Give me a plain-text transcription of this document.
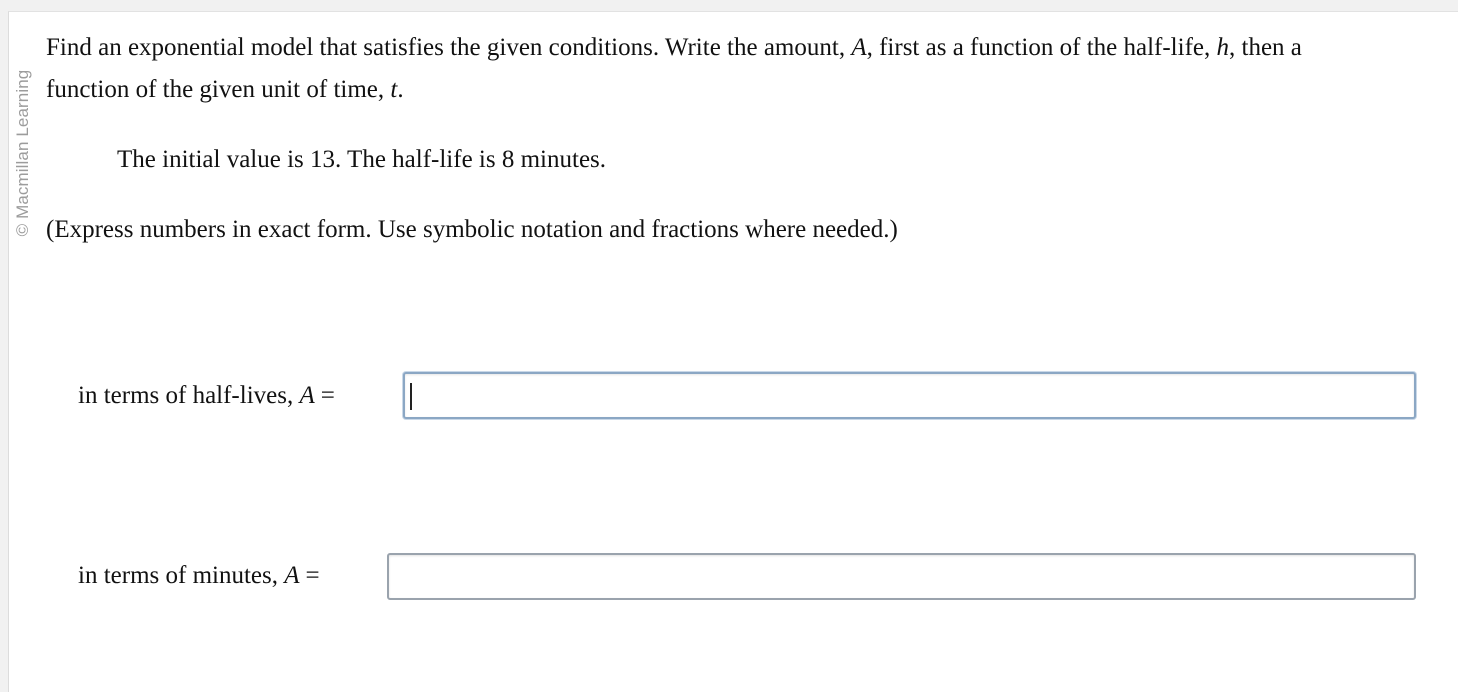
© Macmillan Learning
Find an exponential model that satisfies the given conditions. Write the amount, A, first as a function of the half-life, h, then a
function of the given unit of time, t.
The initial value is 13. The half-life is 8 minutes.
(Express numbers in exact form. Use symbolic notation and fractions where needed.)
in terms of half-lives, A =
in terms of minutes, A =
